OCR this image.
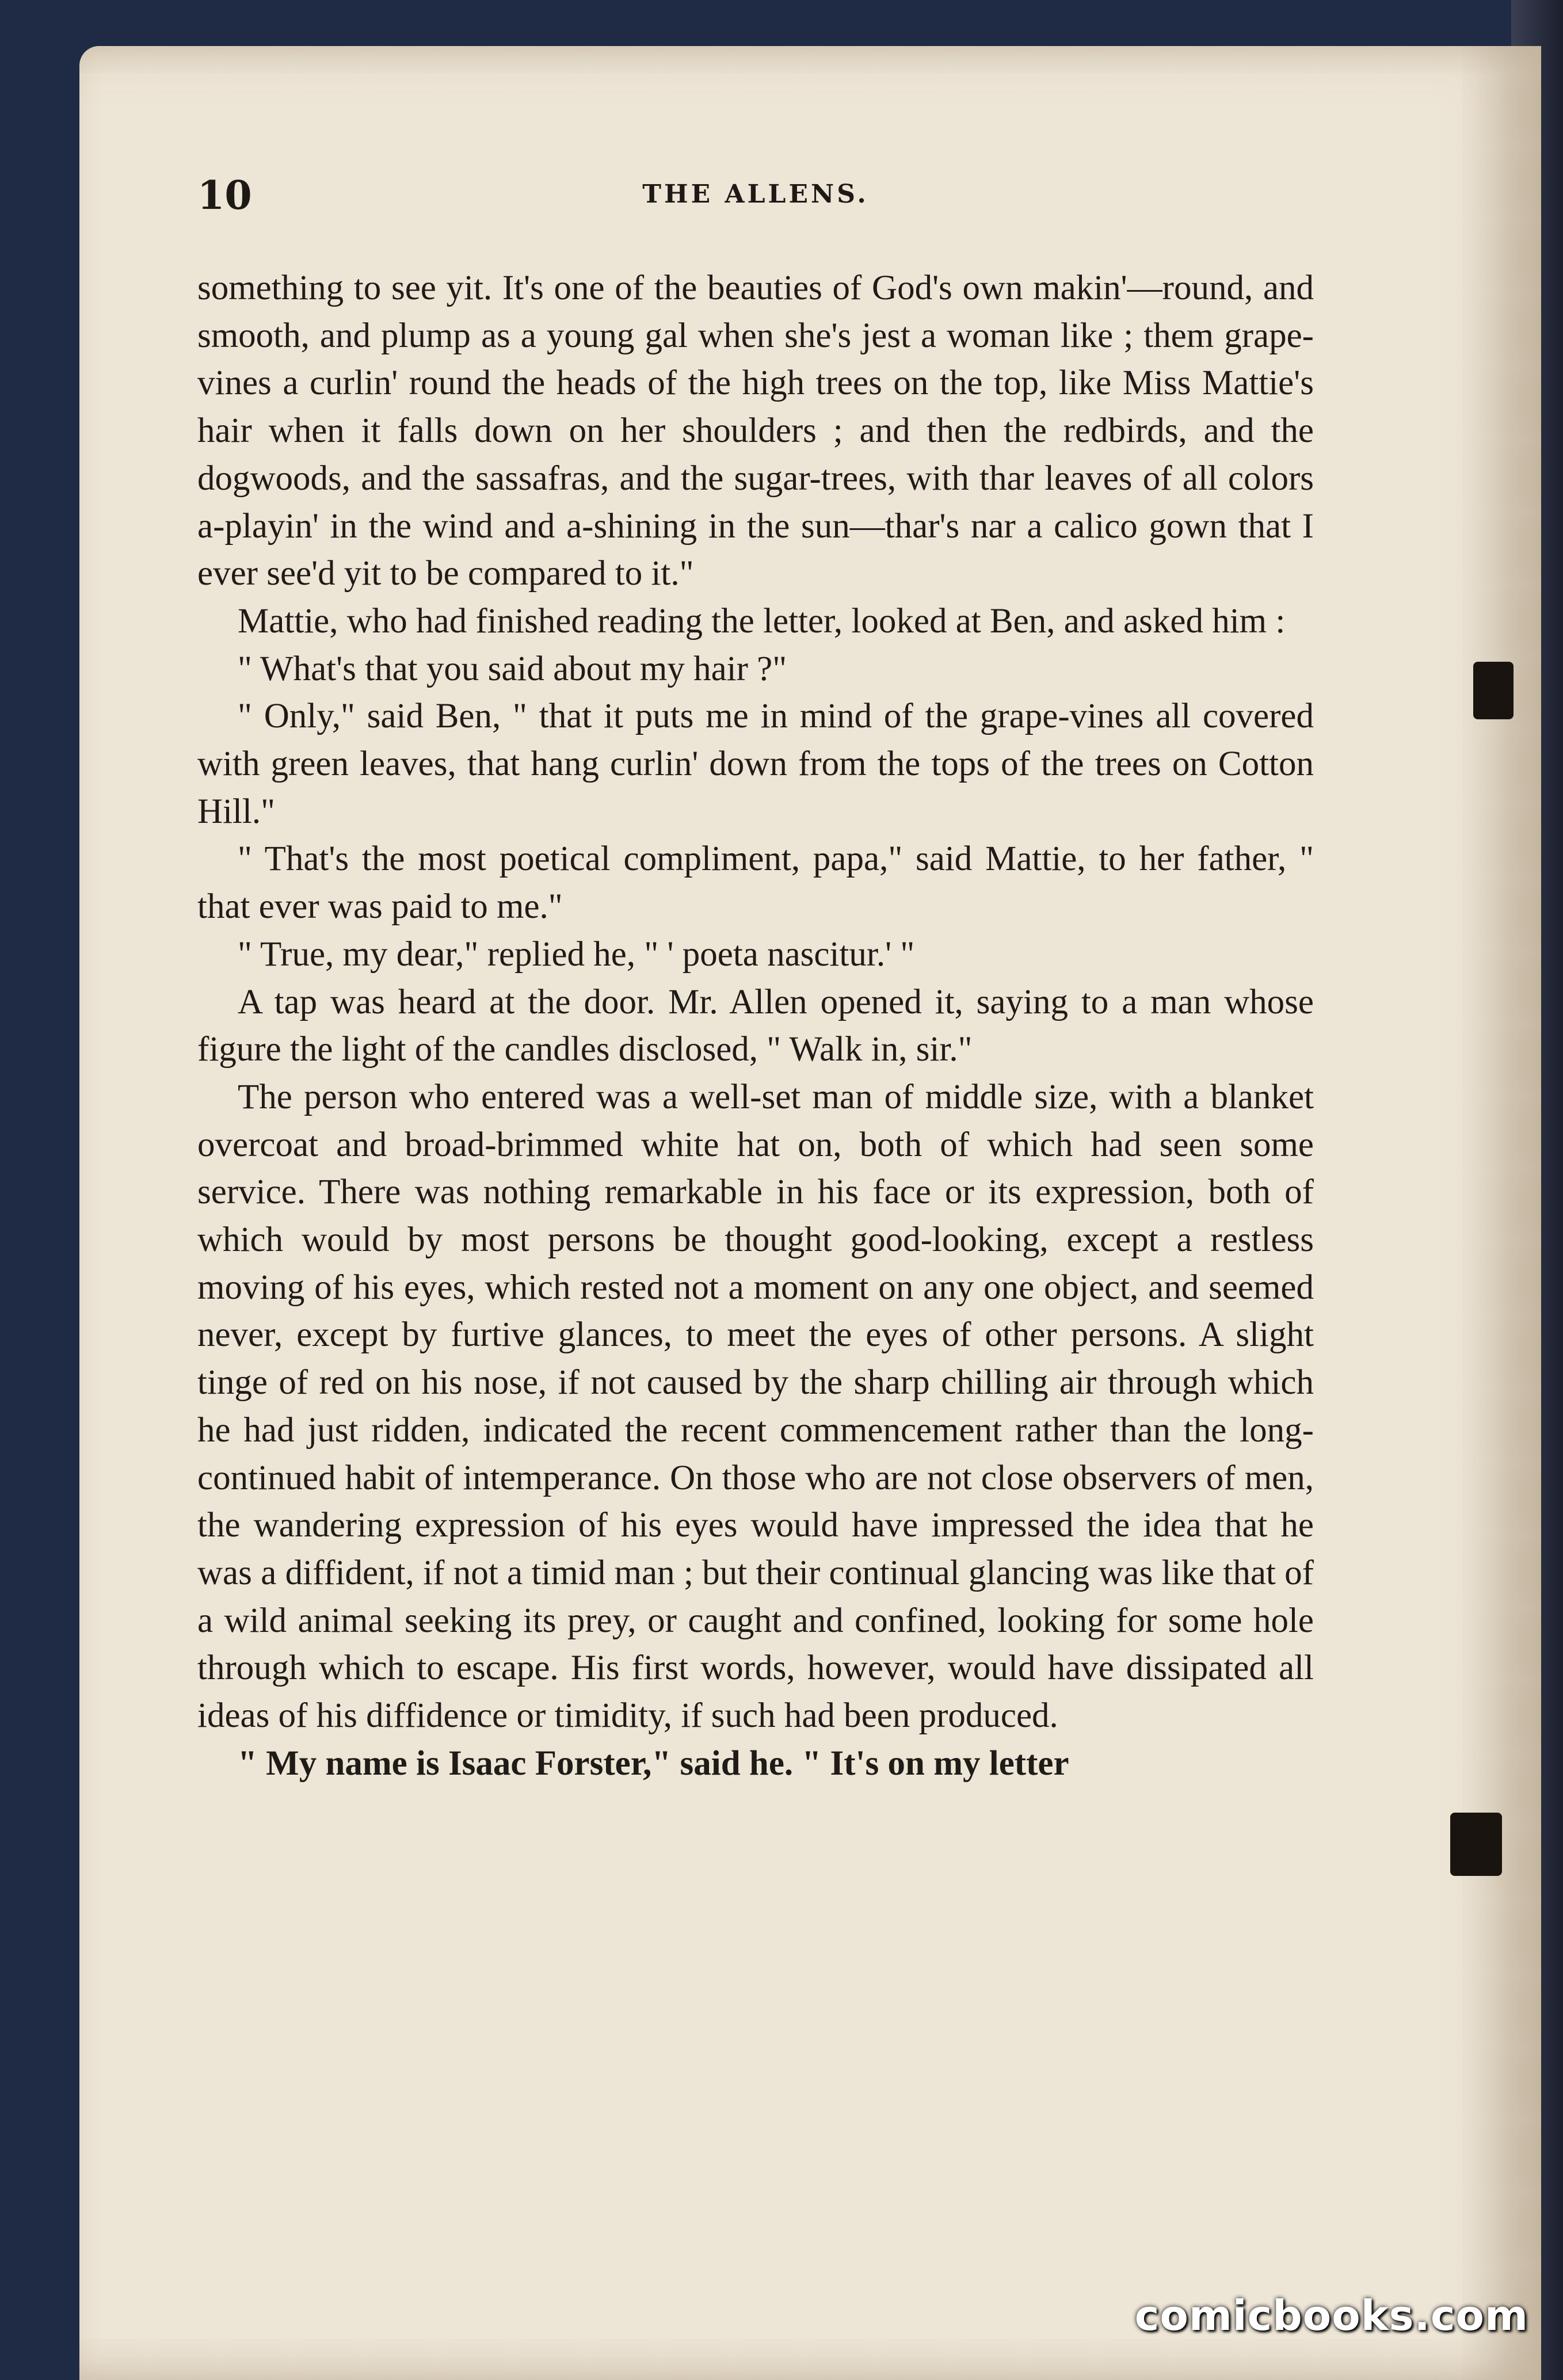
10	THE ALLENS.

something to see yit. It's one of the beauties of God's own makin'—round, and smooth, and plump as a young gal when she's jest a woman like ; them grape-vines a curlin' round the heads of the high trees on the top, like Miss Mattie's hair when it falls down on her shoulders ; and then the redbirds, and the dogwoods, and the sassafras, and the sugar-trees, with thar leaves of all colors a-playin' in the wind and a-shining in the sun—thar's nar a calico gown that I ever see'd yit to be compared to it."

Mattie, who had finished reading the letter, looked at Ben, and asked him :

" What's that you said about my hair ?"

" Only," said Ben, " that it puts me in mind of the grape-vines all covered with green leaves, that hang curlin' down from the tops of the trees on Cotton Hill."

" That's the most poetical compliment, papa," said Mattie, to her father, " that ever was paid to me."

" True, my dear," replied he, " ' poeta nascitur.' "

A tap was heard at the door. Mr. Allen opened it, saying to a man whose figure the light of the candles disclosed, " Walk in, sir."

The person who entered was a well-set man of middle size, with a blanket overcoat and broad-brimmed white hat on, both of which had seen some service. There was nothing remarkable in his face or its expression, both of which would by most persons be thought good-looking, except a restless moving of his eyes, which rested not a moment on any one object, and seemed never, except by furtive glances, to meet the eyes of other persons. A slight tinge of red on his nose, if not caused by the sharp chilling air through which he had just ridden, indicated the recent commencement rather than the long-continued habit of intemperance. On those who are not close observers of men, the wandering expression of his eyes would have impressed the idea that he was a diffident, if not a timid man ; but their continual glancing was like that of a wild animal seeking its prey, or caught and confined, looking for some hole through which to escape. His first words, however, would have dissipated all ideas of his diffidence or timidity, if such had been produced.

" My name is Isaac Forster," said he. " It's on my letter

comicbooks.com
